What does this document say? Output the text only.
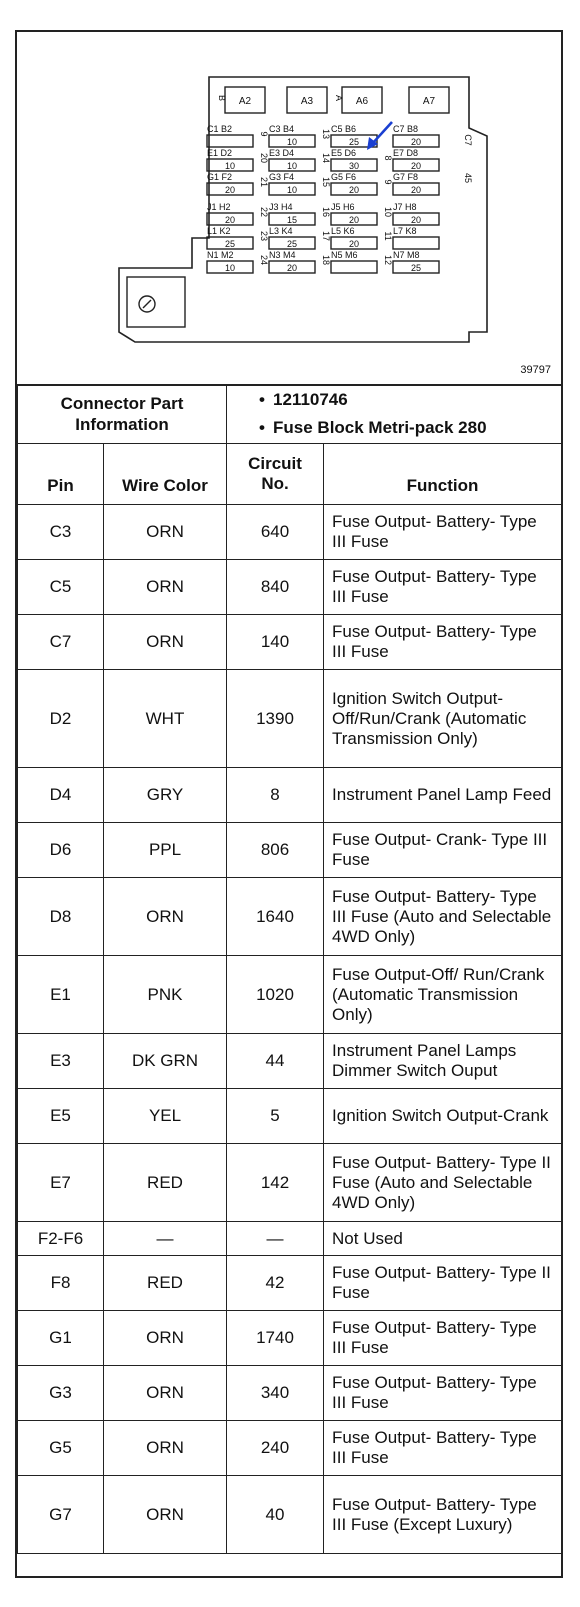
A2
B	A3	A6
A	A7
C7
45
C1 B2	9 C3 B4
10
13 C5 B6
25
C7 B8
20
E1 D2
10
20 E3 D4
10
14 E5 D6
30
8 E7 D8
20
G1 F2
20
21 G3 F4
10
15 G5 F6
20
9 G7 F8
20
J1 H2
20
22 J3 H4
15
16 J5 H6
20
10 J7 H8
20
L1 K2
25
23 L3 K4
25
17 L5 K6
20
11 L7 K8
N1 M2
10
24 N3 M4
20
18 N5 M6	12 N7 M8
25
39797
Connector Part Information		• 12110746
• Fuse Block Metri-pack 280	

Pin	Wire Color	Circuit No.	Function
C3	ORN	640	Fuse Output- Battery- Type III Fuse
C5	ORN	840	Fuse Output- Battery- Type III Fuse
C7	ORN	140	Fuse Output- Battery- Type III Fuse
D2	WHT	1390	Ignition Switch Output- Off/Run/Crank (Automatic Transmission Only)
D4	GRY	8	Instrument Panel Lamp Feed
D6	PPL	806	Fuse Output- Crank- Type III Fuse
D8	ORN	1640	Fuse Output- Battery- Type III Fuse (Auto and Selectable 4WD Only)
E1	PNK	1020	Fuse Output-Off/ Run/Crank (Automatic Transmission Only)
E3	DK GRN	44	Instrument Panel Lamps Dimmer Switch Ouput
E5	YEL	5	Ignition Switch Output-Crank
E7	RED	142	Fuse Output- Battery- Type II Fuse (Auto and Selectable 4WD Only)
F2-F6	—	—	Not Used
F8	RED	42	Fuse Output- Battery- Type II Fuse
G1	ORN	1740	Fuse Output- Battery- Type III Fuse
G3	ORN	340	Fuse Output- Battery- Type III Fuse
G5	ORN	240	Fuse Output- Battery- Type III Fuse
G7	ORN	40	Fuse Output- Battery- Type III Fuse (Except Luxury)
